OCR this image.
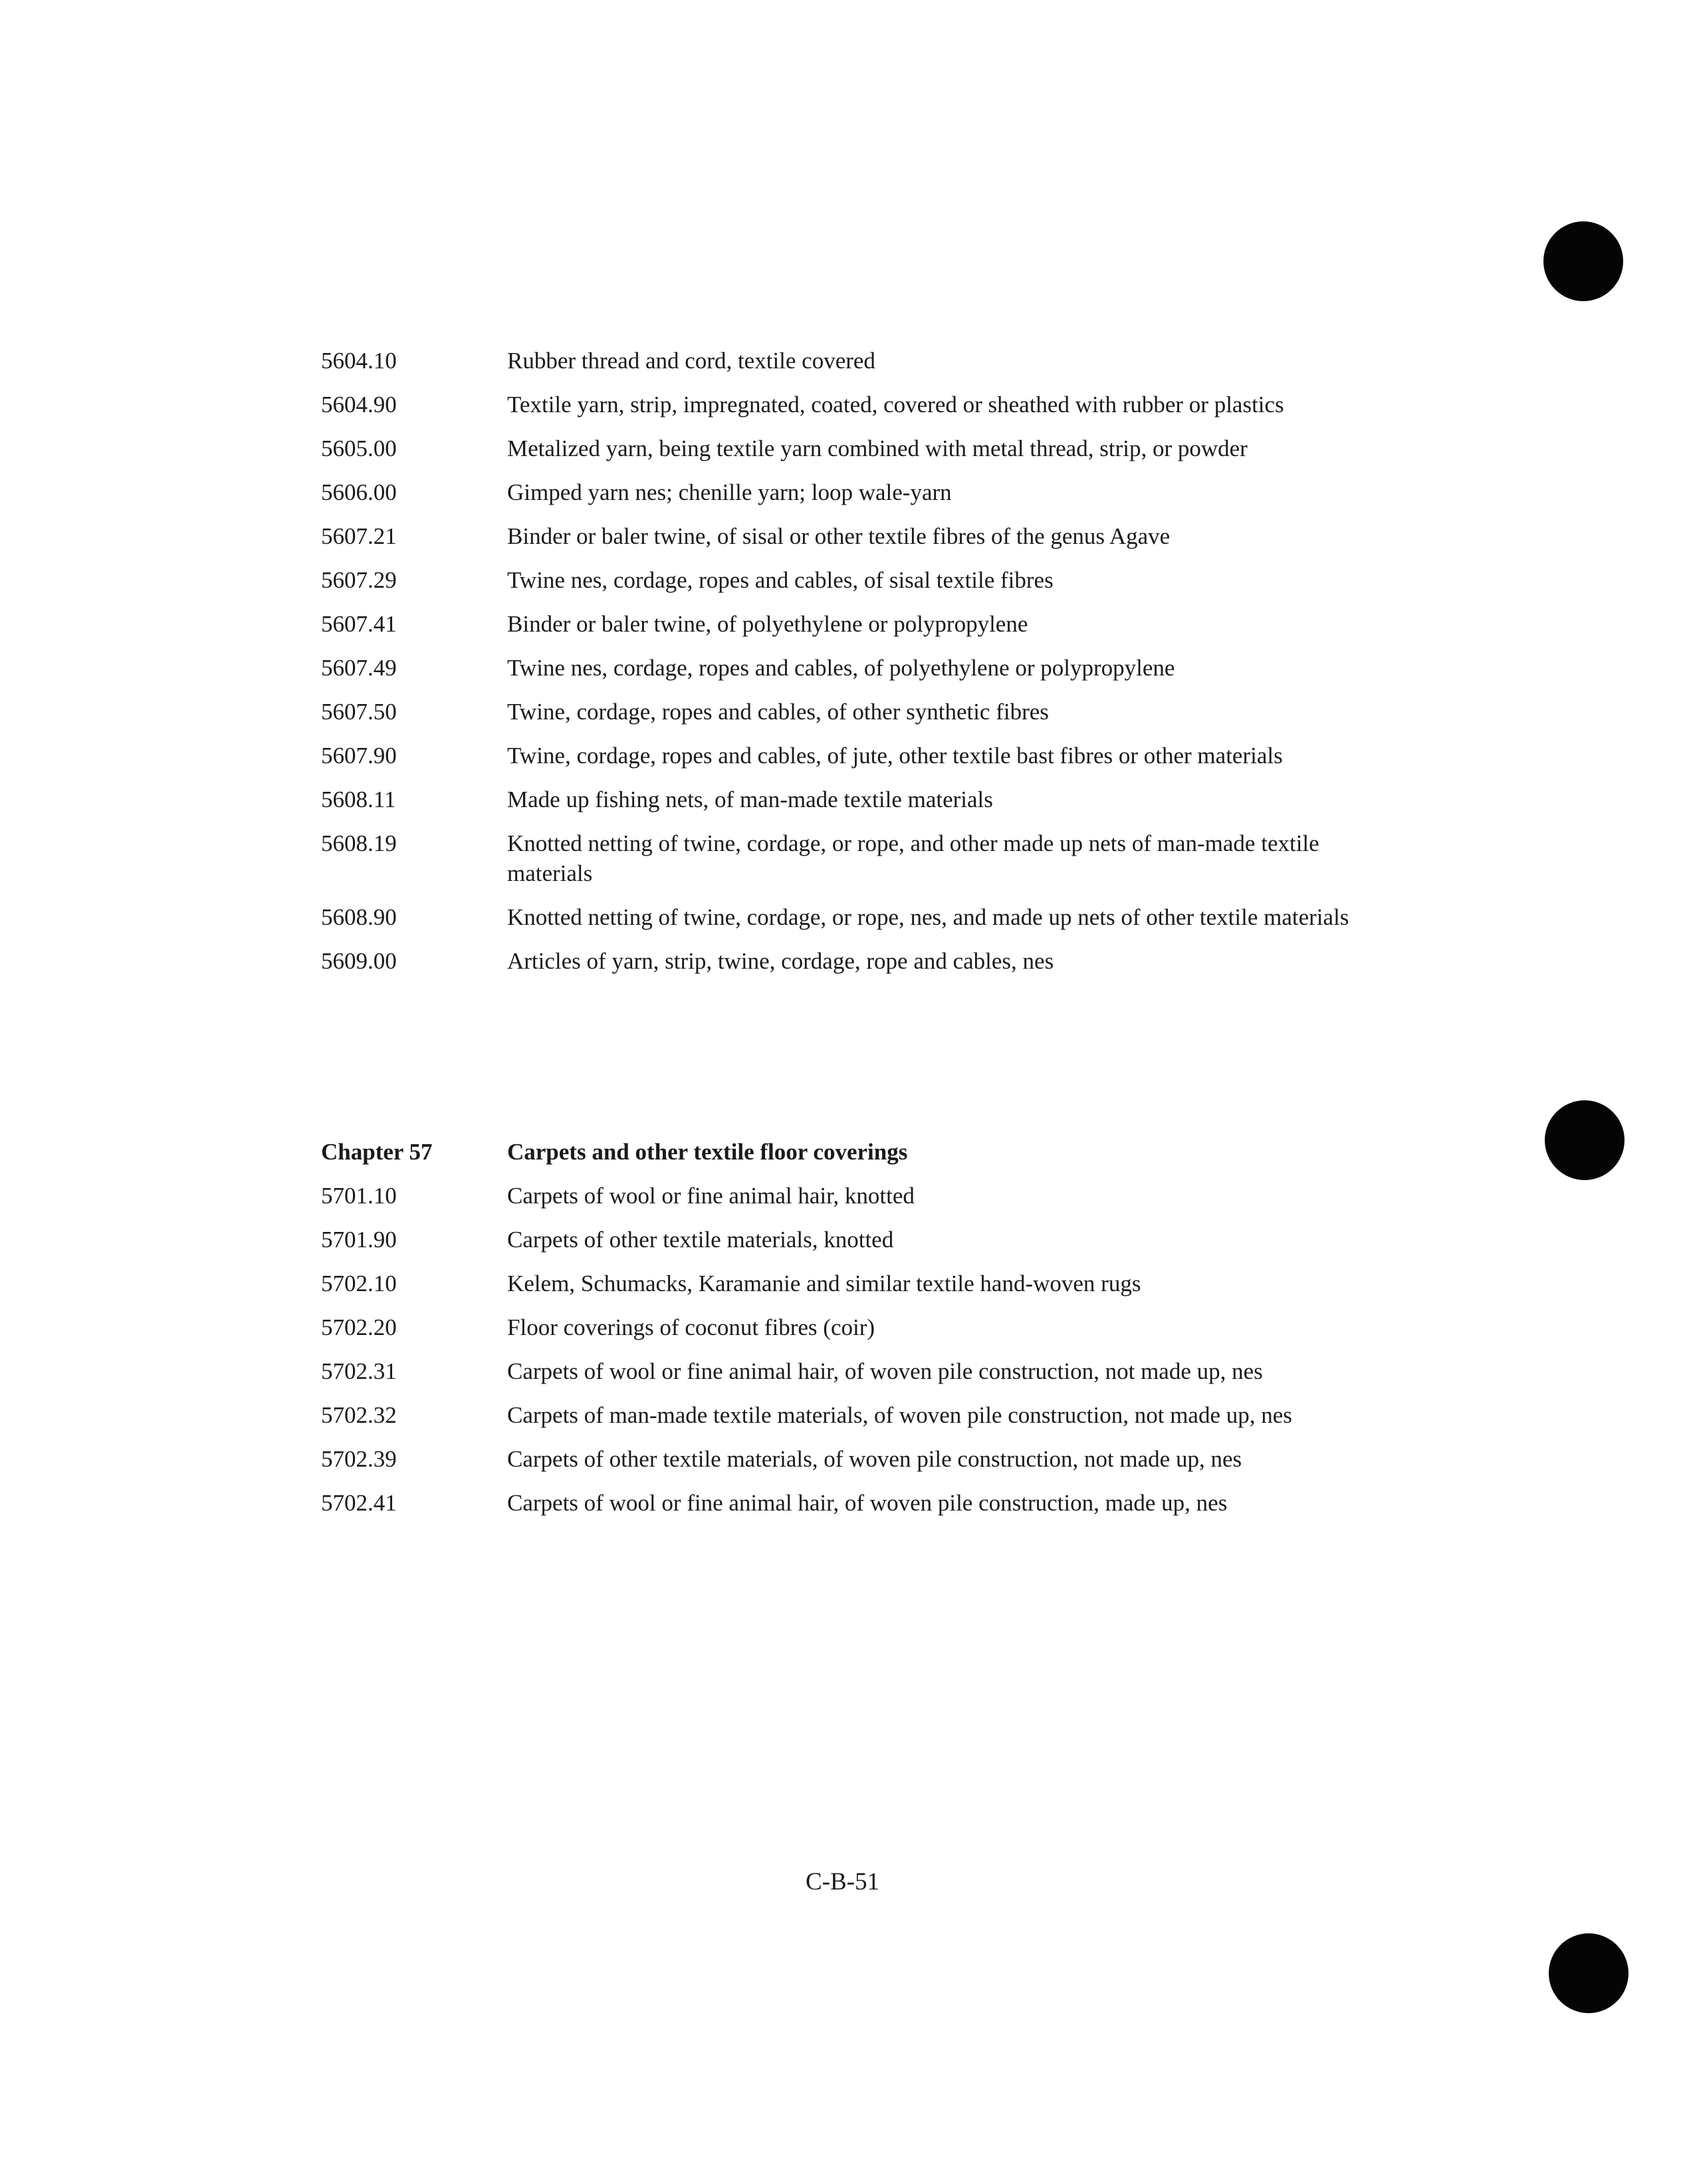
5604.10	Rubber thread and cord, textile covered
5604.90	Textile yarn, strip, impregnated, coated, covered or sheathed with rubber or plastics
5605.00	Metalized yarn, being textile yarn combined with metal thread, strip, or powder
5606.00	Gimped yarn nes; chenille yarn; loop wale-yarn
5607.21	Binder or baler twine, of sisal or other textile fibres of the genus Agave
5607.29	Twine nes, cordage, ropes and cables, of sisal textile fibres
5607.41	Binder or baler twine, of polyethylene or polypropylene
5607.49	Twine nes, cordage, ropes and cables, of polyethylene or polypropylene
5607.50	Twine, cordage, ropes and cables, of other synthetic fibres
5607.90	Twine, cordage, ropes and cables, of jute, other textile bast fibres or other materials
5608.11	Made up fishing nets, of man-made textile materials
5608.19	Knotted netting of twine, cordage, or rope, and other made up nets of man-made textile materials
5608.90	Knotted netting of twine, cordage, or rope, nes, and made up nets of other textile materials
5609.00	Articles of yarn, strip, twine, cordage, rope and cables, nes
Chapter 57	Carpets and other textile floor coverings
5701.10	Carpets of wool or fine animal hair, knotted
5701.90	Carpets of other textile materials, knotted
5702.10	Kelem, Schumacks, Karamanie and similar textile hand-woven rugs
5702.20	Floor coverings of coconut fibres (coir)
5702.31	Carpets of wool or fine animal hair, of woven pile construction, not made up, nes
5702.32	Carpets of man-made textile materials, of woven pile construction, not made up, nes
5702.39	Carpets of other textile materials, of woven pile construction, not made up, nes
5702.41	Carpets of wool or fine animal hair, of woven pile construction, made up, nes
C-B-51
